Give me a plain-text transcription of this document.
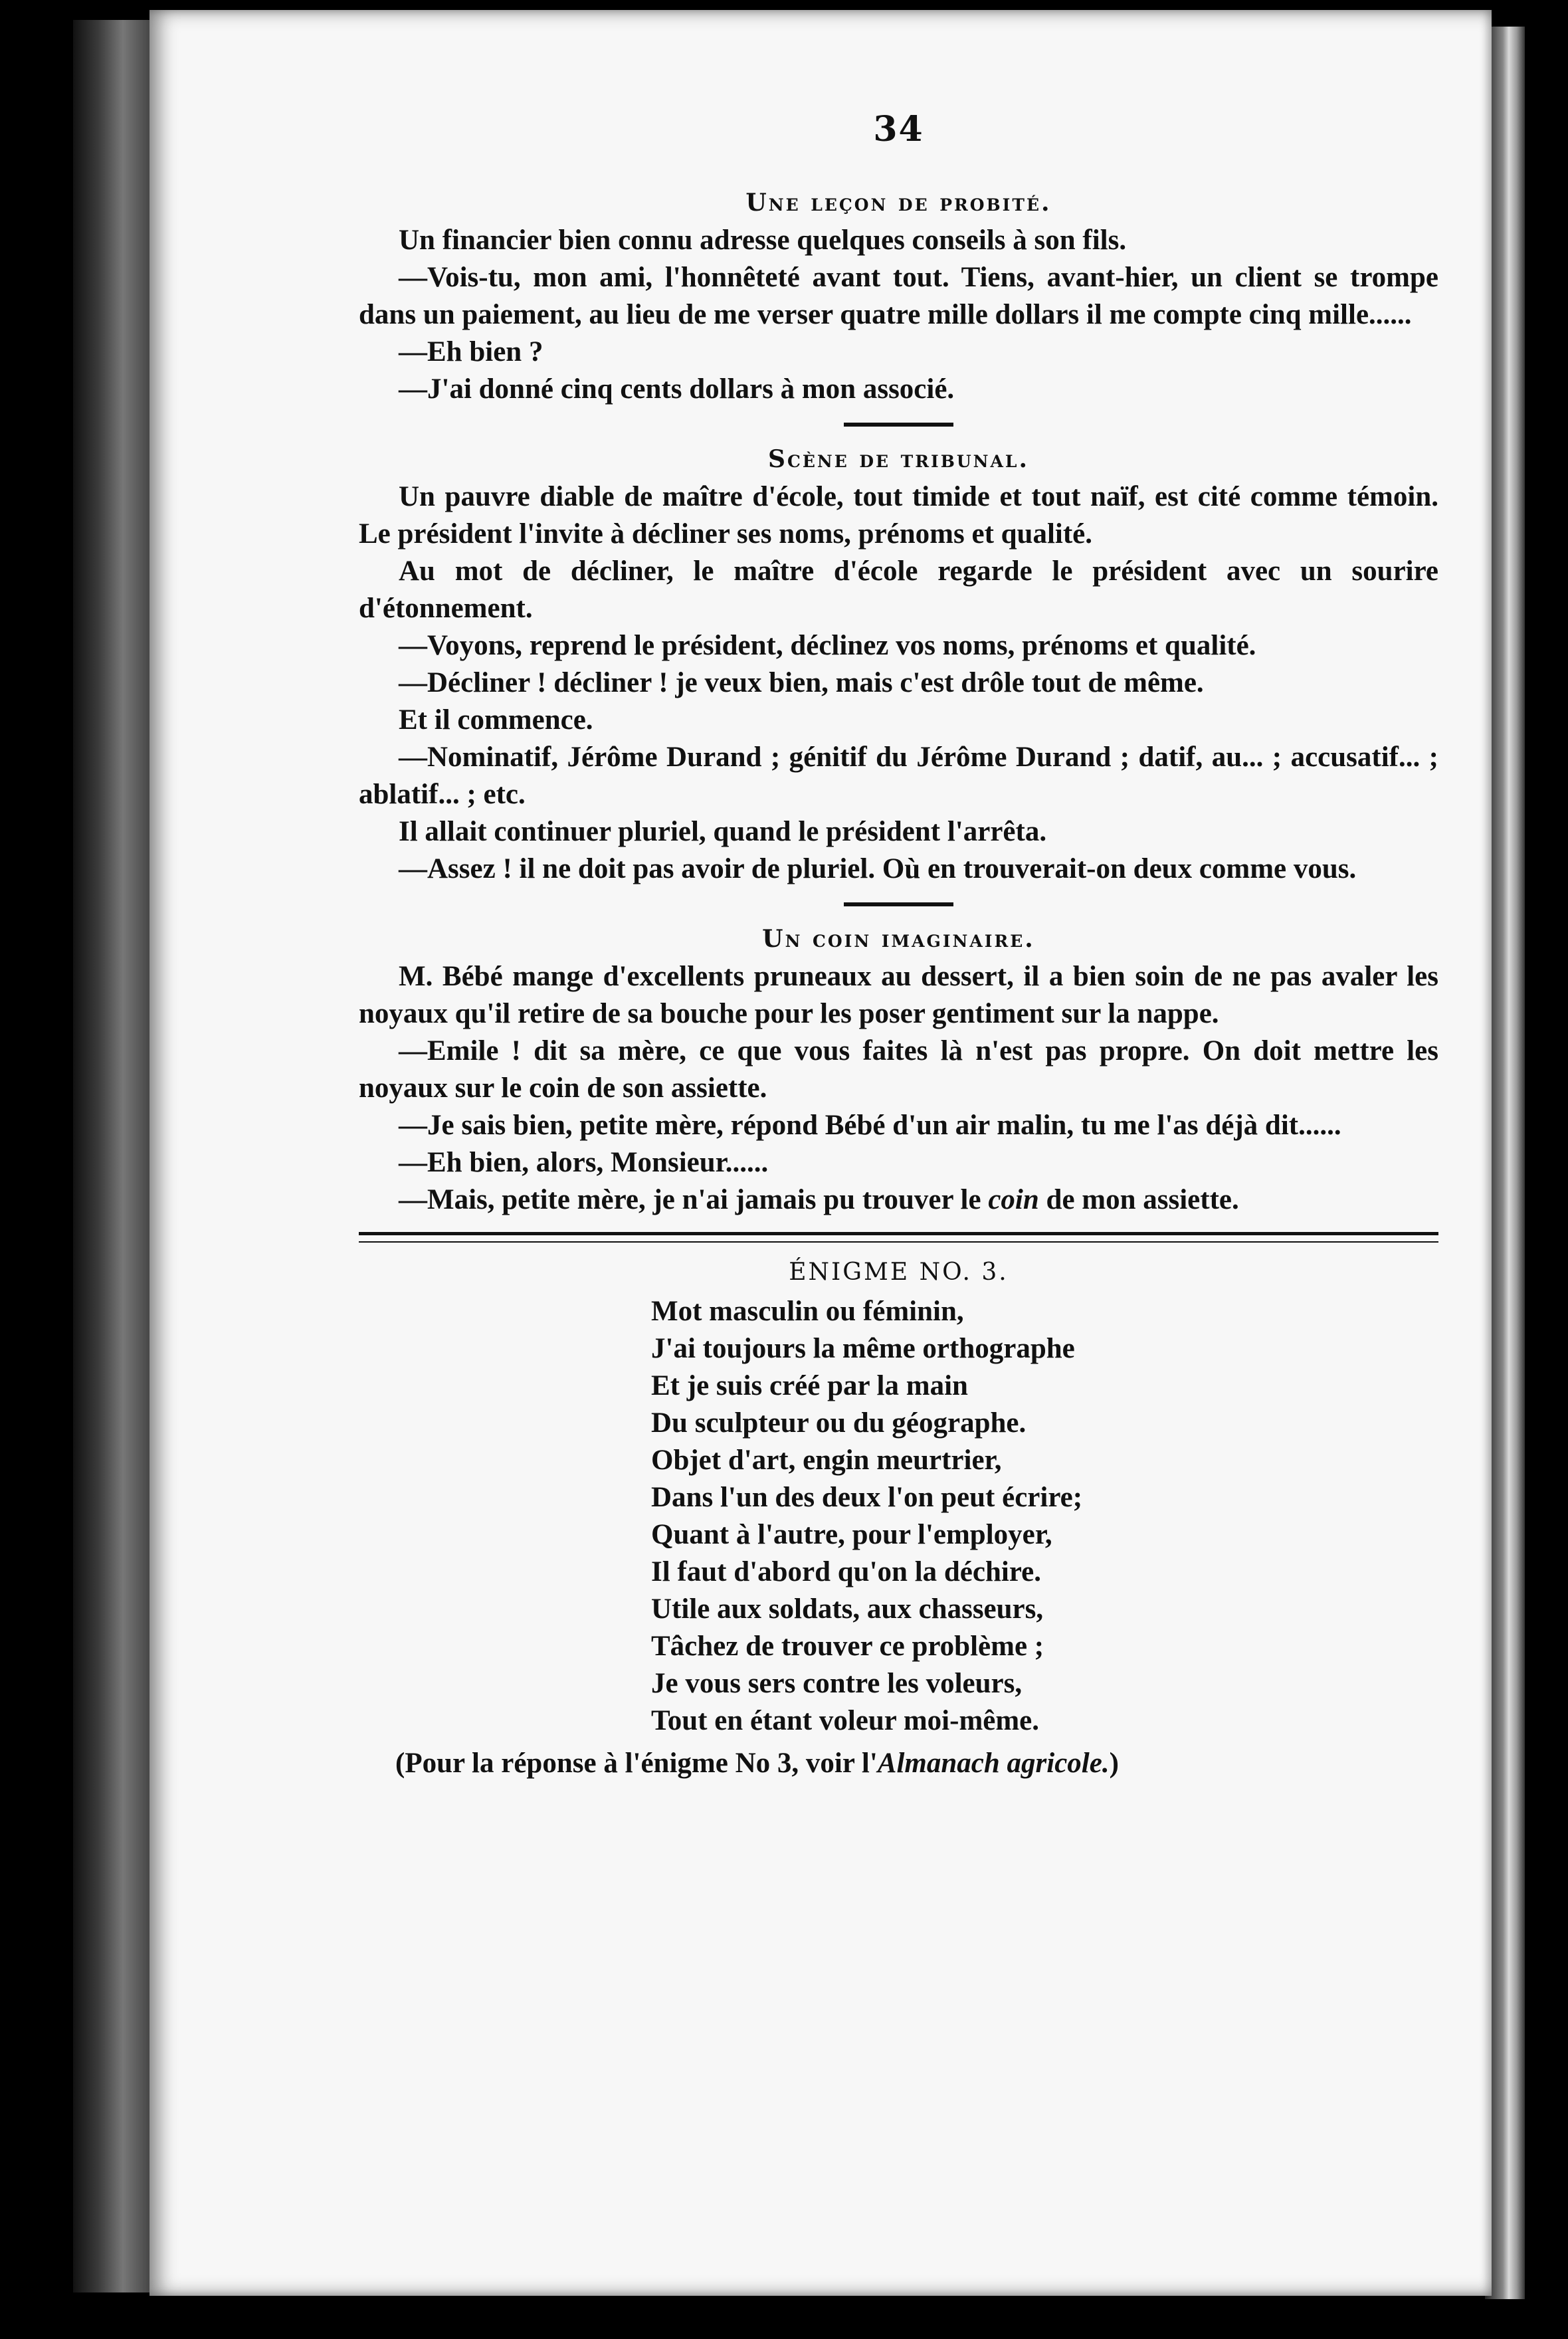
34
Une leçon de probité.

Un financier bien connu adresse quelques conseils à son fils.

—Vois-tu, mon ami, l'honnêteté avant tout. Tiens, avant-hier, un client se trompe dans un paiement, au lieu de me verser quatre mille dollars il me compte cinq mille......

—Eh bien ?

—J'ai donné cinq cents dollars à mon associé.

Scène de tribunal.

Un pauvre diable de maître d'école, tout timide et tout naïf, est cité comme témoin. Le président l'invite à décliner ses noms, prénoms et qualité.

Au mot de décliner, le maître d'école regarde le président avec un sourire d'étonnement.

—Voyons, reprend le président, déclinez vos noms, prénoms et qualité.

—Décliner ! décliner ! je veux bien, mais c'est drôle tout de même.

Et il commence.

—Nominatif, Jérôme Durand ; génitif du Jérôme Durand ; datif, au... ; accusatif... ; ablatif... ; etc.

Il allait continuer pluriel, quand le président l'arrêta.

—Assez ! il ne doit pas avoir de pluriel. Où en trouverait-on deux comme vous.

Un coin imaginaire.

M. Bébé mange d'excellents pruneaux au dessert, il a bien soin de ne pas avaler les noyaux qu'il retire de sa bouche pour les poser gentiment sur la nappe.

—Emile ! dit sa mère, ce que vous faites là n'est pas propre. On doit mettre les noyaux sur le coin de son assiette.

—Je sais bien, petite mère, répond Bébé d'un air malin, tu me l'as déjà dit......

—Eh bien, alors, Monsieur......

—Mais, petite mère, je n'ai jamais pu trouver le coin de mon assiette.

ÉNIGME NO. 3.
Mot masculin ou féminin,
J'ai toujours la même orthographe
Et je suis créé par la main
Du sculpteur ou du géographe.
Objet d'art, engin meurtrier,
Dans l'un des deux l'on peut écrire;
Quant à l'autre, pour l'employer,
Il faut d'abord qu'on la déchire.
Utile aux soldats, aux chasseurs,
Tâchez de trouver ce problème ;
Je vous sers contre les voleurs,
Tout en étant voleur moi-même.
(Pour la réponse à l'énigme No 3, voir l'Almanach agricole.)
